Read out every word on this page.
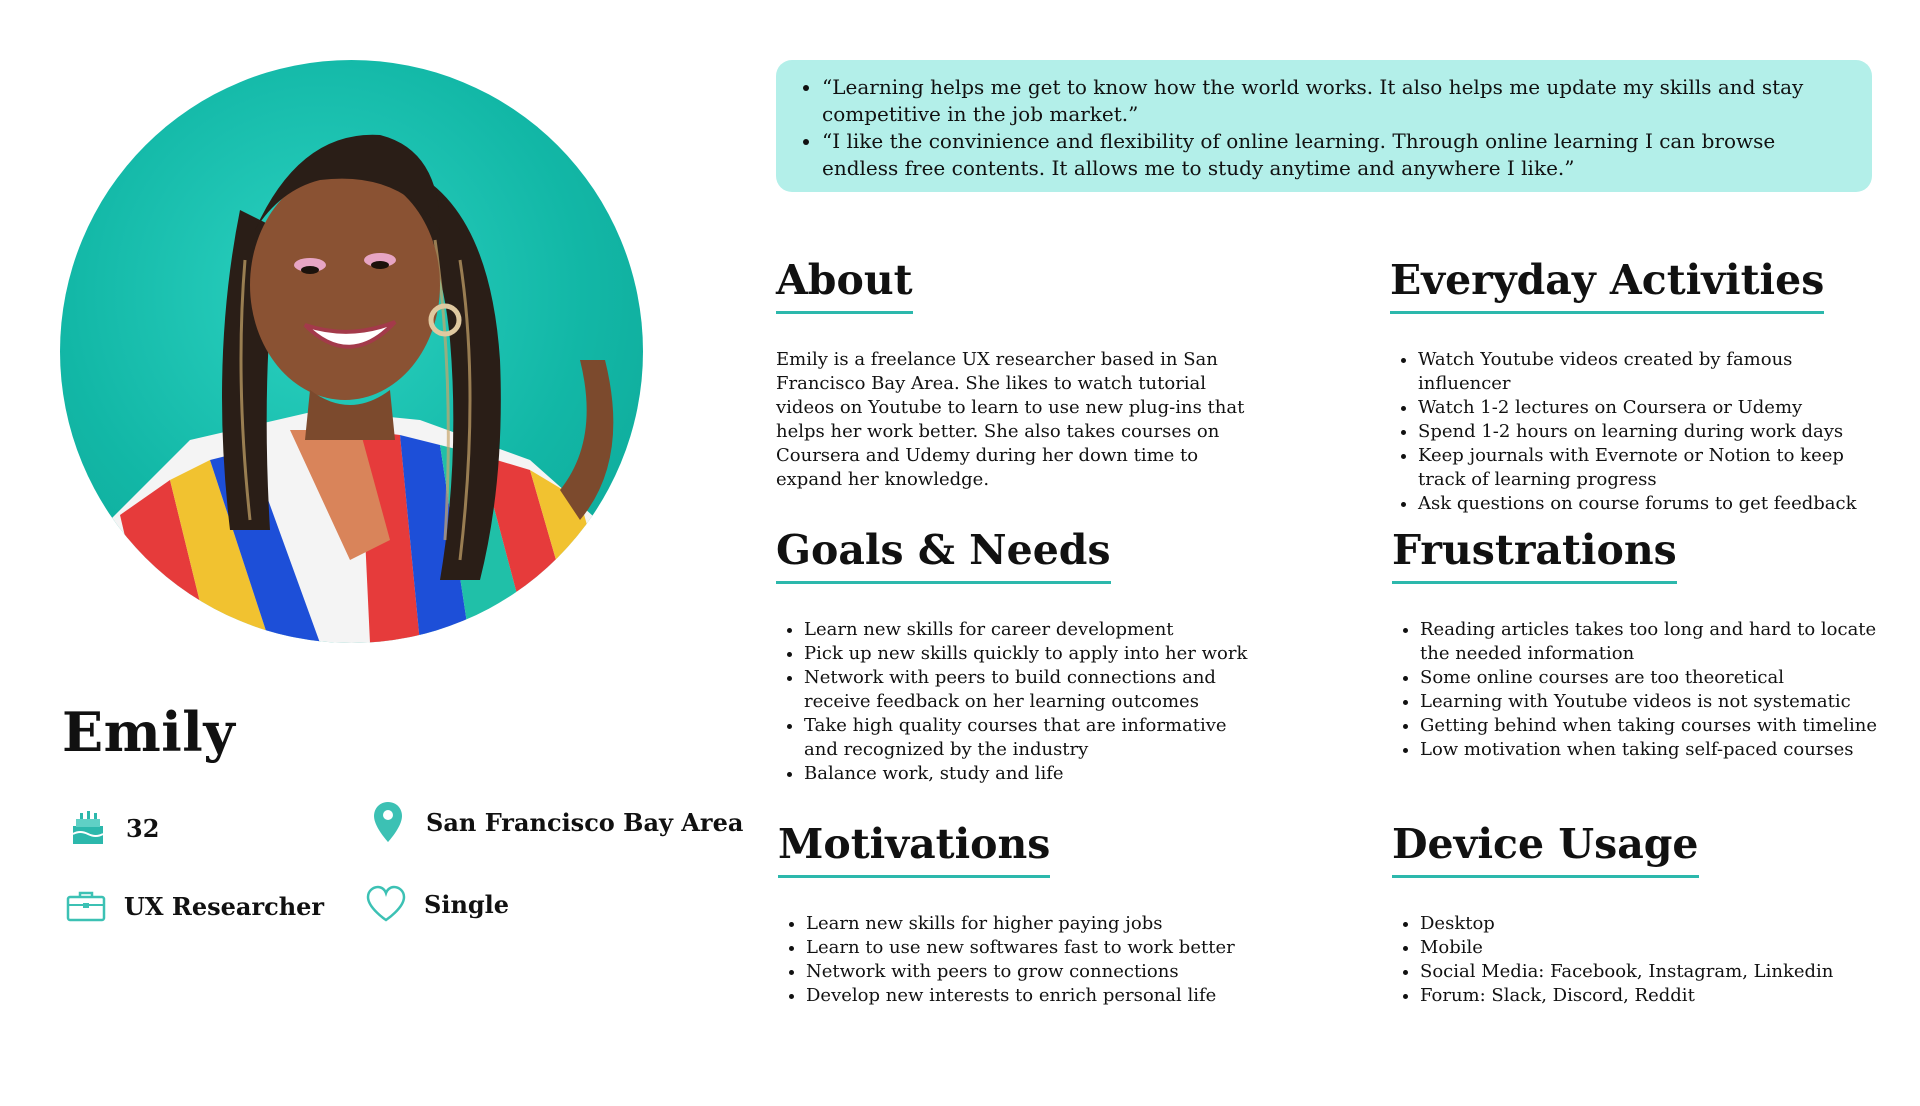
Emily
32	San Francisco Bay Area
UX Researcher	Single
• “Learning helps me get to know how the world works. It also helps me update my skills and stay competitive in the job market.”
• “I like the convinience and flexibility of online learning. Through online learning I can browse endless free contents. It allows me to study anytime and anywhere I like.”
About

Emily is a freelance UX researcher based in San Francisco Bay Area. She likes to watch tutorial videos on Youtube to learn to use new plug-ins that helps her work better. She also takes courses on Coursera and Udemy during her down time to expand her knowledge.

Everyday Activities
• Watch Youtube videos created by famous influencer
• Watch 1-2 lectures on Coursera or Udemy
• Spend 1-2 hours on learning during work days
• Keep journals with Evernote or Notion to keep track of learning progress
• Ask questions on course forums to get feedback
Goals & Needs
• Learn new skills for career development
• Pick up new skills quickly to apply into her work
• Network with peers to build connections and receive feedback on her learning outcomes
• Take high quality courses that are informative and recognized by the industry
• Balance work, study and life
Frustrations
• Reading articles takes too long and hard to locate the needed information
• Some online courses are too theoretical
• Learning with Youtube videos is not systematic
• Getting behind when taking courses with timeline
• Low motivation when taking self-paced courses
Motivations
• Learn new skills for higher paying jobs
• Learn to use new softwares fast to work better
• Network with peers to grow connections
• Develop new interests to enrich personal life
Device Usage
• Desktop
• Mobile
• Social Media: Facebook, Instagram, Linkedin
• Forum: Slack, Discord, Reddit
